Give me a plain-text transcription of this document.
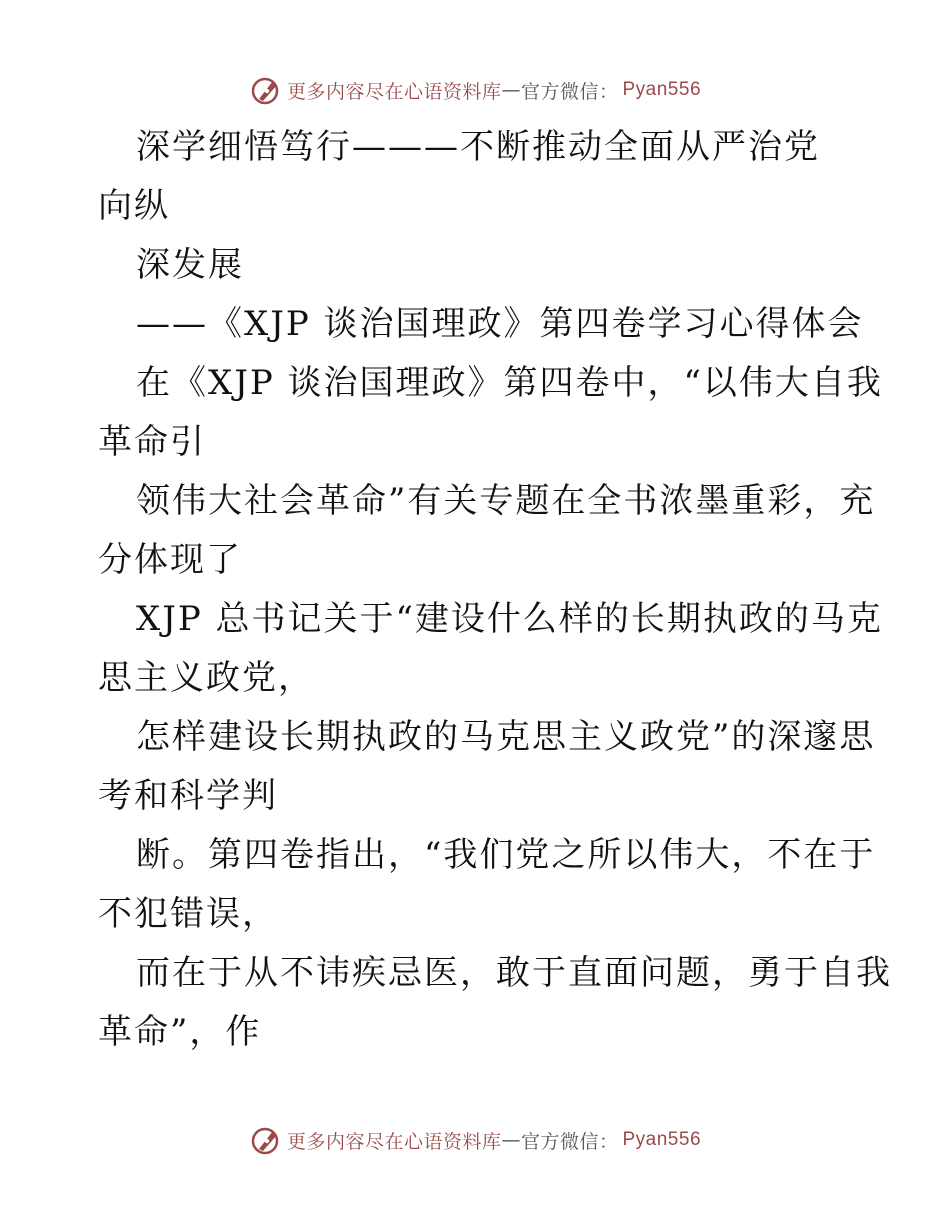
更多内容尽在心语资料库 — 官方微信： Pyan556
深学细悟笃行———不断推动全面从严治党
向纵
深发展
——《XJP 谈治国理政》第四卷学习心得体会
在《XJP 谈治国理政》第四卷中，“以伟大自我
革命引
领伟大社会革命”有关专题在全书浓墨重彩，充
分体现了
XJP 总书记关于“建设什么样的长期执政的马克
思主义政党，
怎样建设长期执政的马克思主义政党”的深邃思
考和科学判
断。第四卷指出，“我们党之所以伟大，不在于
不犯错误，
而在于从不讳疾忌医，敢于直面问题，勇于自我
革命”，作
更多内容尽在心语资料库 — 官方微信： Pyan556
